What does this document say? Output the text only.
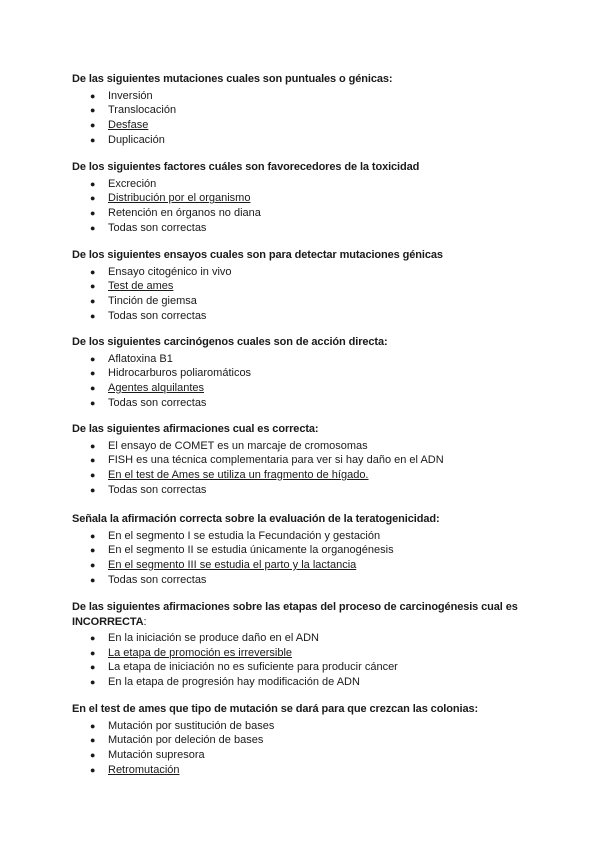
De las siguientes mutaciones cuales son puntuales o génicas:

● Inversión
● Translocación
● Desfase
● Duplicación

De los siguientes factores cuáles son favorecedores de la toxicidad

● Excreción
● Distribución por el organismo
● Retención en órganos no diana
● Todas son correctas

De los siguientes ensayos cuales son para detectar mutaciones génicas

● Ensayo citogénico in vivo
● Test de ames
● Tinción de giemsa
● Todas son correctas

De los siguientes carcinógenos cuales son de acción directa:

● Aflatoxina B1
● Hidrocarburos poliaromáticos
● Agentes alquilantes
● Todas son correctas

De las siguientes afirmaciones cual es correcta:

● El ensayo de COMET es un marcaje de cromosomas
● FISH es una técnica complementaria para ver si hay daño en el ADN
● En el test de Ames se utiliza un fragmento de hígado.
● Todas son correctas

Señala la afirmación correcta sobre la evaluación de la teratogenicidad:

● En el segmento I se estudia la Fecundación y gestación
● En el segmento II se estudia únicamente la organogénesis
● En el segmento III se estudia el parto y la lactancia
● Todas son correctas

De las siguientes afirmaciones sobre las etapas del proceso de carcinogénesis cual es INCORRECTA:

● En la iniciación se produce daño en el ADN
● La etapa de promoción es irreversible
● La etapa de iniciación no es suficiente para producir cáncer
● En la etapa de progresión hay modificación de ADN

En el test de ames que tipo de mutación se dará para que crezcan las colonias:

● Mutación por sustitución de bases
● Mutación por deleción de bases
● Mutación supresora
● Retromutación
